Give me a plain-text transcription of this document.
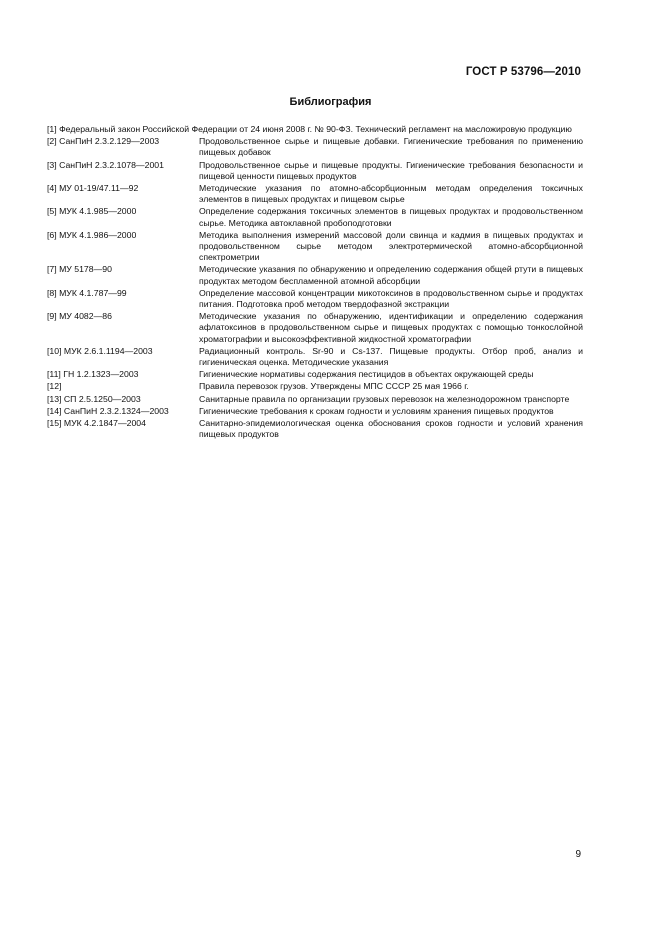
ГОСТ Р 53796—2010
Библиография
[1] Федеральный закон Российской Федерации от 24 июня 2008 г. № 90-ФЗ. Технический регламент на масложировую продукцию
[2] СанПиН 2.3.2.129—2003	Продовольственное сырье и пищевые добавки. Гигиенические требования по применению пищевых добавок
[3] СанПиН 2.3.2.1078—2001	Продовольственное сырье и пищевые продукты. Гигиенические требования безопасности и пищевой ценности пищевых продуктов
[4] МУ 01-19/47.11—92	Методические указания по атомно-абсорбционным методам определения токсичных элементов в пищевых продуктах и пищевом сырье
[5] МУК 4.1.985—2000	Определение содержания токсичных элементов в пищевых продуктах и продовольственном сырье. Методика автоклавной пробоподготовки
[6] МУК 4.1.986—2000	Методика выполнения измерений массовой доли свинца и кадмия в пищевых продуктах и продовольственном сырье методом электротермической атомно-абсорбционной спектрометрии
[7] МУ 5178—90	Методические указания по обнаружению и определению содержания общей ртути в пищевых продуктах методом беспламенной атомной абсорбции
[8] МУК 4.1.787—99	Определение массовой концентрации микотоксинов в продовольственном сырье и продуктах питания. Подготовка проб методом твердофазной экстракции
[9] МУ 4082—86	Методические указания по обнаружению, идентификации и определению содержания афлатоксинов в продовольственном сырье и пищевых продуктах с помощью тонкослойной хроматографии и высокоэффективной жидкостной хроматографии
[10] МУК 2.6.1.1194—2003	Радиационный контроль. Sr-90 и Cs-137. Пищевые продукты. Отбор проб, анализ и гигиеническая оценка. Методические указания
[11] ГН 1.2.1323—2003	Гигиенические нормативы содержания пестицидов в объектах окружающей среды
[12]	Правила перевозок грузов. Утверждены МПС СССР 25 мая 1966 г.
[13] СП 2.5.1250—2003	Санитарные правила по организации грузовых перевозок на железнодорожном транспорте
[14] СанПиН 2.3.2.1324—2003	Гигиенические требования к срокам годности и условиям хранения пищевых продуктов
[15] МУК 4.2.1847—2004	Санитарно-эпидемиологическая оценка обоснования сроков годности и условий хранения пищевых продуктов
9
